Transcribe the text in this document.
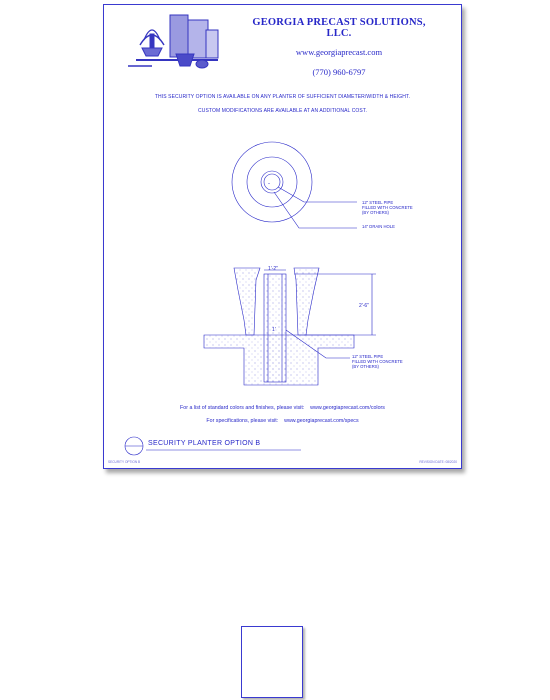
GEORGIA PRECAST SOLUTIONS, LLC.
www.georgiaprecast.com
(770) 960-6797
THIS SECURITY OPTION IS AVAILABLE ON ANY PLANTER OF SUFFICIENT DIAMETER/WIDTH & HEIGHT.
CUSTOM MODIFICATIONS ARE AVAILABLE AT AN ADDITIONAL COST.
-
12" STEEL PIPE
FILLED WITH CONCRETE
(BY OTHERS)
14" DRAIN HOLE
1'-2"
2'-6"
1'
12" STEEL PIPE
FILLED WITH CONCRETE
(BY OTHERS)
For a list of standard colors and finishes, please visit: www.georgiaprecast.com/colors
For specifications, please visit: www.georgiaprecast.com/specs
SECURITY PLANTER OPTION B
SECURITY OPTION B	REVISION DATE: 08/2020
